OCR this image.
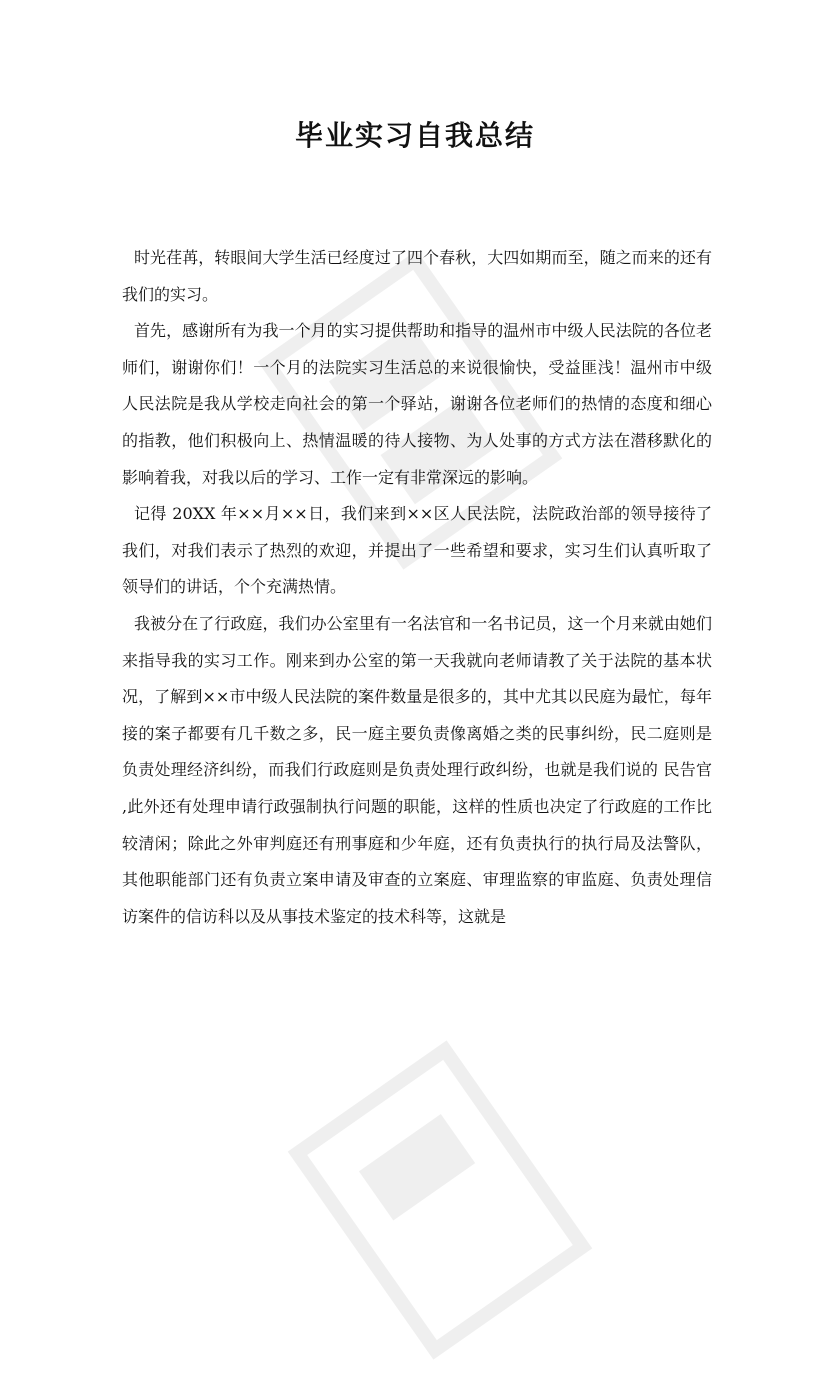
毕业实习自我总结

时光荏苒，转眼间大学生活已经度过了四个春秋，大四如期而至，随之而来的还有我们的实习。

首先，感谢所有为我一个月的实习提供帮助和指导的温州市中级人民法院的各位老师们，谢谢你们！一个月的法院实习生活总的来说很愉快，受益匪浅！温州市中级人民法院是我从学校走向社会的第一个驿站，谢谢各位老师们的热情的态度和细心的指教，他们积极向上、热情温暖的待人接物、为人处事的方式方法在潜移默化的影响着我，对我以后的学习、工作一定有非常深远的影响。

记得 20XX 年××月××日，我们来到××区人民法院，法院政治部的领导接待了我们，对我们表示了热烈的欢迎，并提出了一些希望和要求，实习生们认真听取了领导们的讲话，个个充满热情。

我被分在了行政庭，我们办公室里有一名法官和一名书记员，这一个月来就由她们来指导我的实习工作。刚来到办公室的第一天我就向老师请教了关于法院的基本状况，了解到××市中级人民法院的案件数量是很多的，其中尤其以民庭为最忙，每年接的案子都要有几千数之多，民一庭主要负责像离婚之类的民事纠纷，民二庭则是负责处理经济纠纷，而我们行政庭则是负责处理行政纠纷，也就是我们说的 民告官 ,此外还有处理申请行政强制执行问题的职能，这样的性质也决定了行政庭的工作比较清闲；除此之外审判庭还有刑事庭和少年庭，还有负责执行的执行局及法警队，其他职能部门还有负责立案申请及审查的立案庭、审理监察的审监庭、负责处理信访案件的信访科以及从事技术鉴定的技术科等，这就是
